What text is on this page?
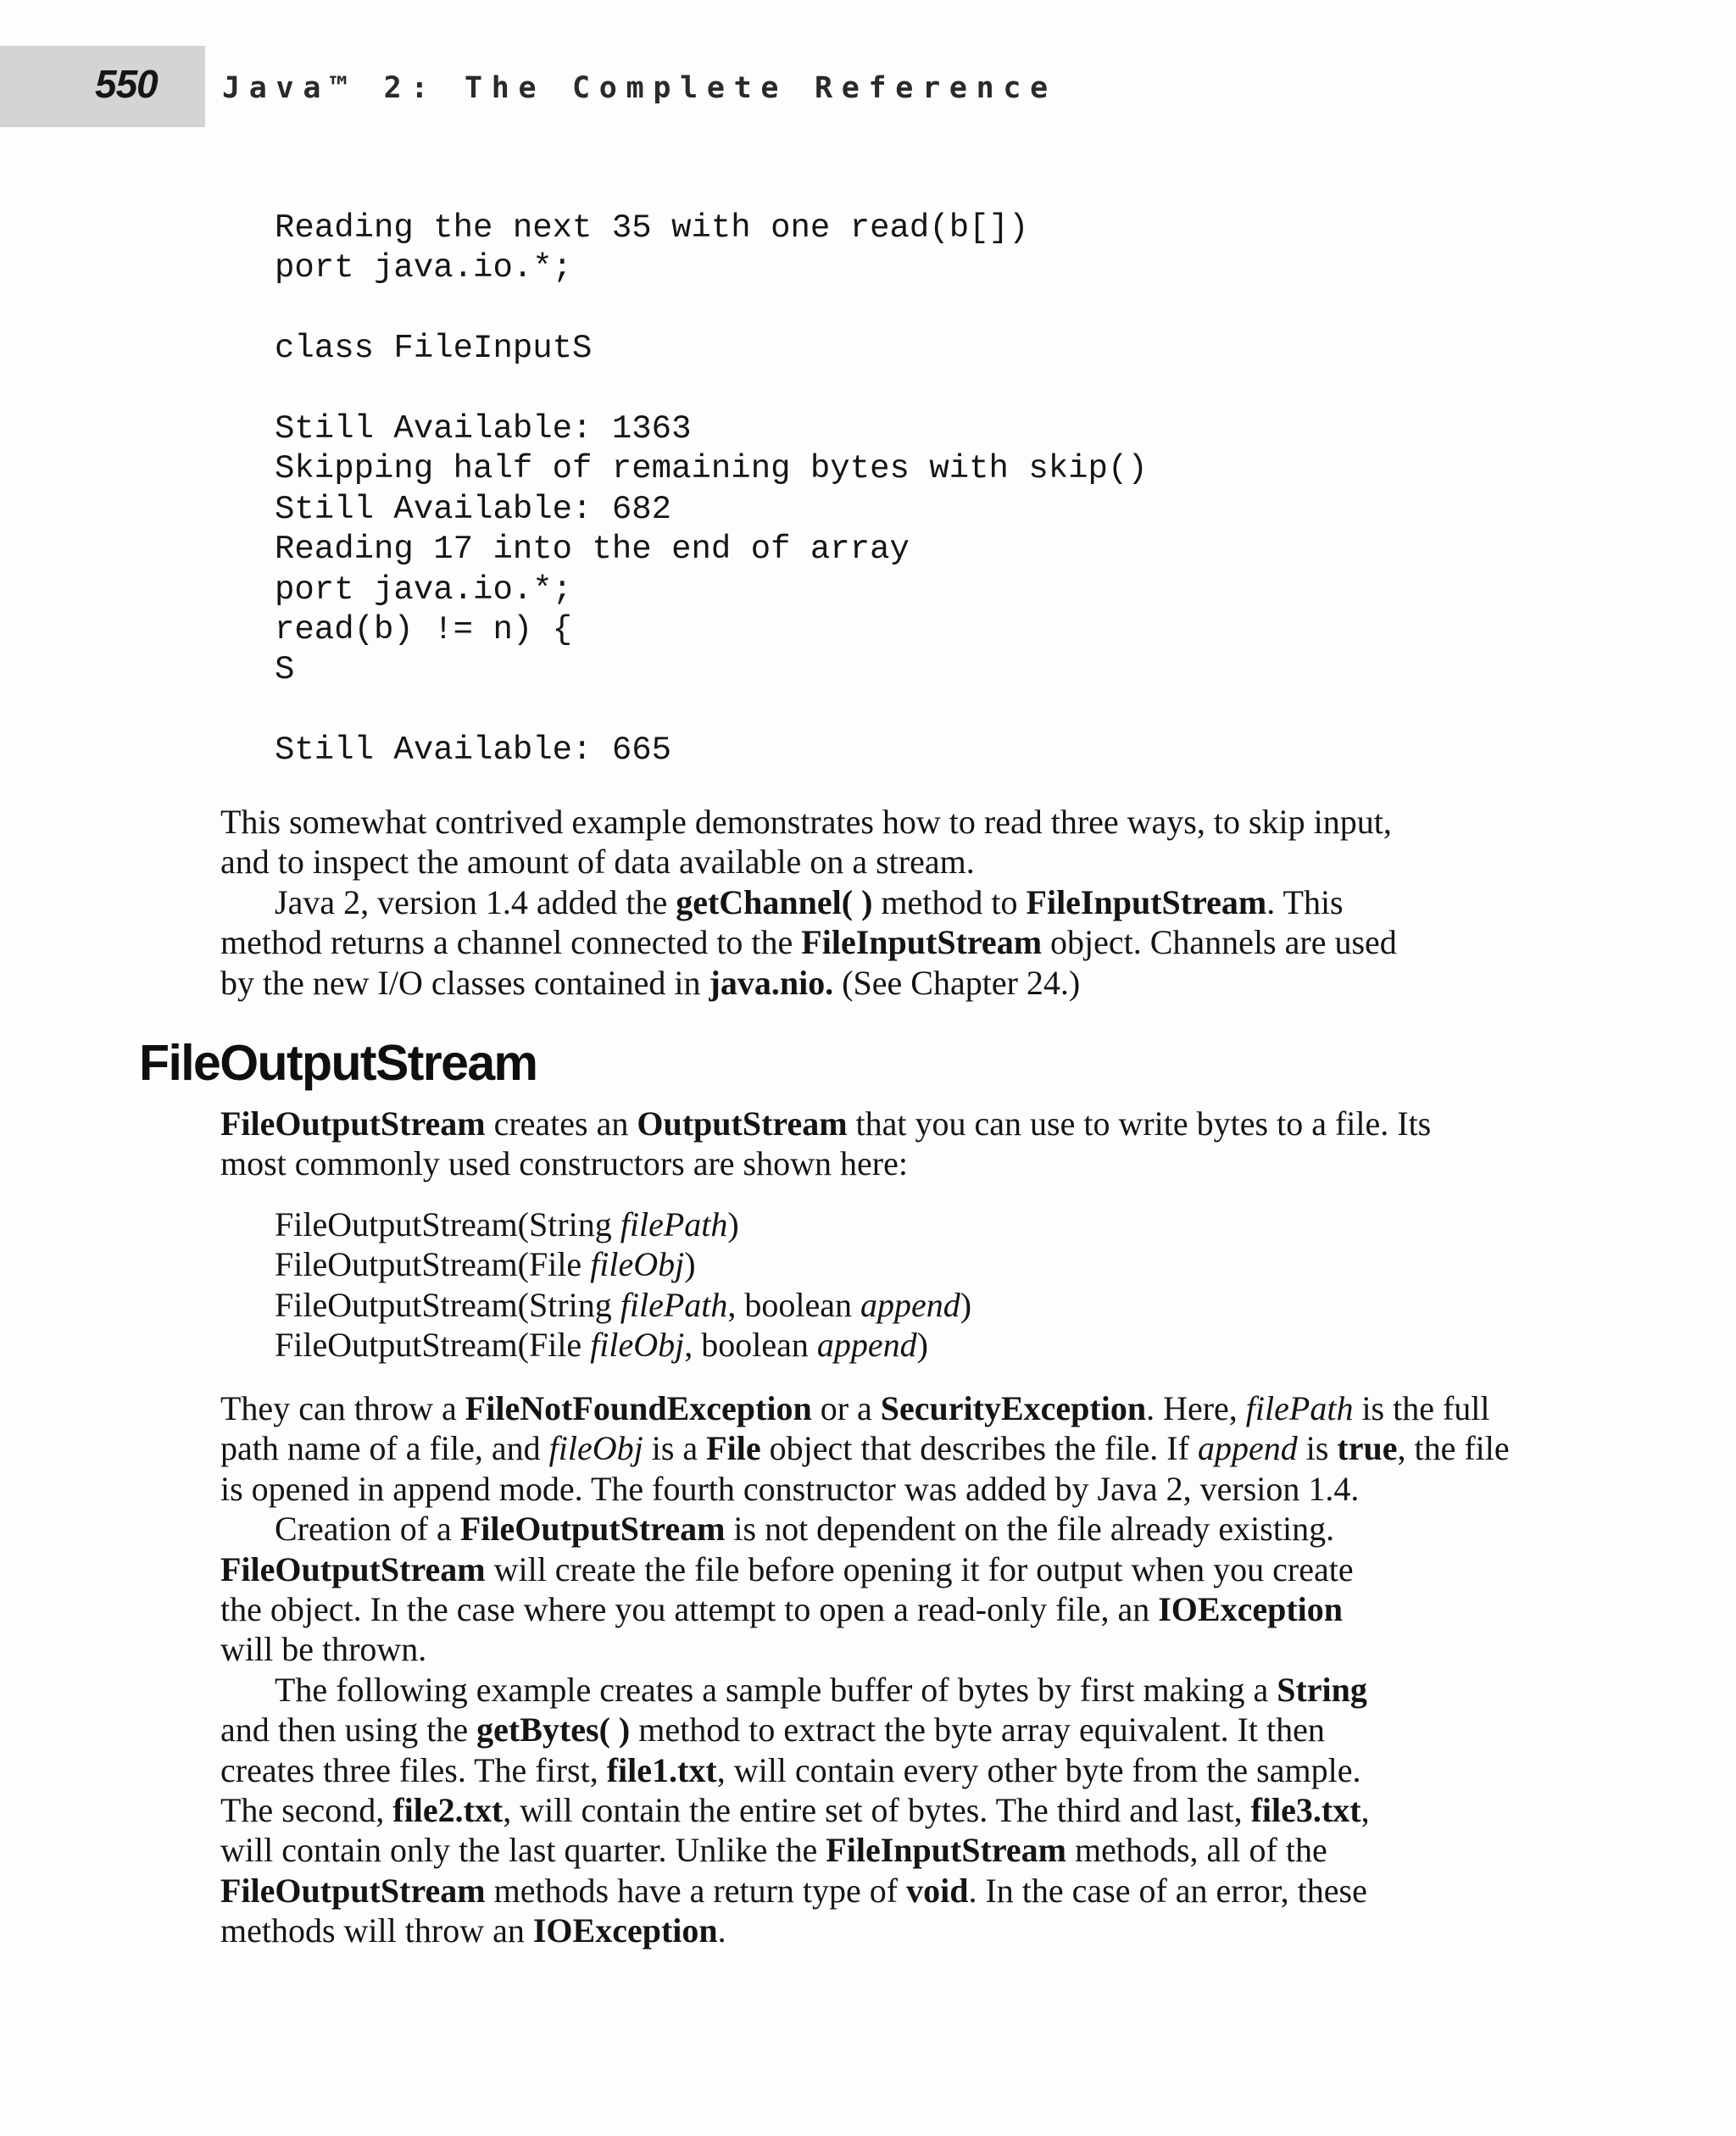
550 Java™ 2: The Complete Reference
Reading the next 35 with one read(b[])
port java.io.*;
class FileInputS
Still Available: 1363
Skipping half of remaining bytes with skip()
Still Available: 682
Reading 17 into the end of array
port java.io.*;
read(b) != n) {
S
Still Available: 665
This somewhat contrived example demonstrates how to read three ways, to skip input,
and to inspect the amount of data available on a stream.
Java 2, version 1.4 added the getChannel( ) method to FileInputStream. This
method returns a channel connected to the FileInputStream object. Channels are used
by the new I/O classes contained in java.nio. (See Chapter 24.)
FileOutputStream
FileOutputStream creates an OutputStream that you can use to write bytes to a file. Its
most commonly used constructors are shown here:
FileOutputStream(String filePath)
FileOutputStream(File fileObj)
FileOutputStream(String filePath, boolean append)
FileOutputStream(File fileObj, boolean append)
They can throw a FileNotFoundException or a SecurityException. Here, filePath is the full
path name of a file, and fileObj is a File object that describes the file. If append is true, the file
is opened in append mode. The fourth constructor was added by Java 2, version 1.4.
Creation of a FileOutputStream is not dependent on the file already existing.
FileOutputStream will create the file before opening it for output when you create
the object. In the case where you attempt to open a read-only file, an IOException
will be thrown.
The following example creates a sample buffer of bytes by first making a String
and then using the getBytes( ) method to extract the byte array equivalent. It then
creates three files. The first, file1.txt, will contain every other byte from the sample.
The second, file2.txt, will contain the entire set of bytes. The third and last, file3.txt,
will contain only the last quarter. Unlike the FileInputStream methods, all of the
FileOutputStream methods have a return type of void. In the case of an error, these
methods will throw an IOException.
